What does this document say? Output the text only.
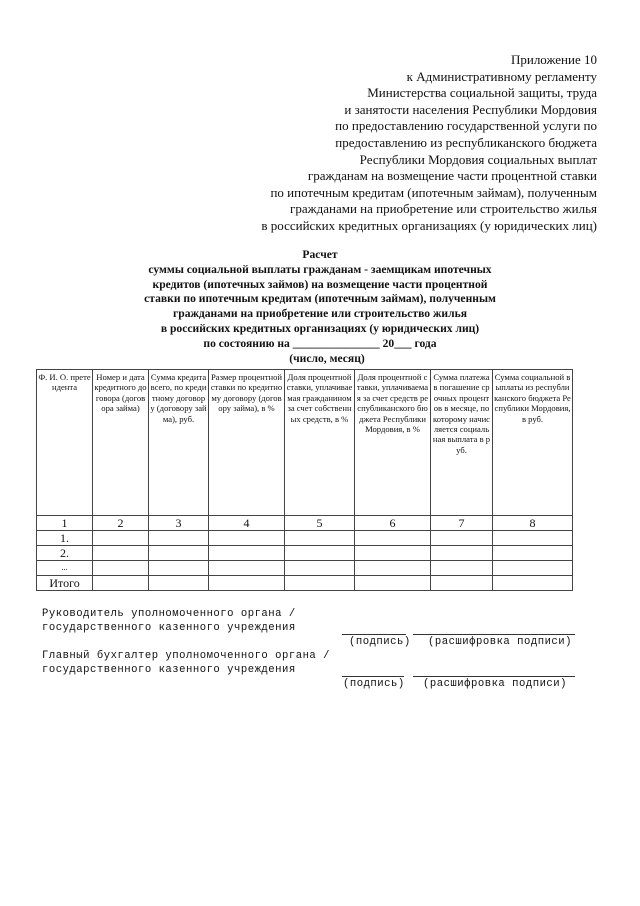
Приложение 10
к Административному регламенту
Министерства социальной защиты, труда
и занятости населения Республики Мордовия
по предоставлению государственной услуги по
предоставлению из республиканского бюджета
Республики Мордовия социальных выплат
гражданам на возмещение части процентной ставки
по ипотечным кредитам (ипотечным займам), полученным
гражданами на приобретение или строительство жилья
в российских кредитных организациях (у юридических лиц)
Расчет
суммы социальной выплаты гражданам - заемщикам ипотечных
кредитов (ипотечных займов) на возмещение части процентной
ставки по ипотечным кредитам (ипотечным займам), полученным
гражданами на приобретение или строительство жилья
в российских кредитных организациях (у юридических лиц)
по состоянию на _______________ 20___ года
(число, месяц)
Ф. И. О. претендента	Номер и дата кредитного договора (договора займа)	Сумма кредита всего, по кредитному договору (договору займа), руб.	Размер процентной ставки по кредитному договору (договору займа), в %	Доля процентной ставки, уплачиваемая гражданином за счет собственных средств, в %	Доля процентной ставки, уплачиваемая за счет средств республиканского бюджета Республики Мордовия, в %	Сумма платежа в погашение срочных процентов в месяце, по которому начисляется социальная выплата в руб.	Сумма социальной выплаты из республиканского бюджета Республики Мордовия, в руб.
1	2	3	4	5	6	7	8
1.							
2.							
...							
Итого							
Руководитель уполномоченного органа /
государственного казенного учреждения
(подпись) (расшифровка подписи)
Главный бухгалтер уполномоченного органа /
государственного казенного учреждения
(подпись) (расшифровка подписи)
